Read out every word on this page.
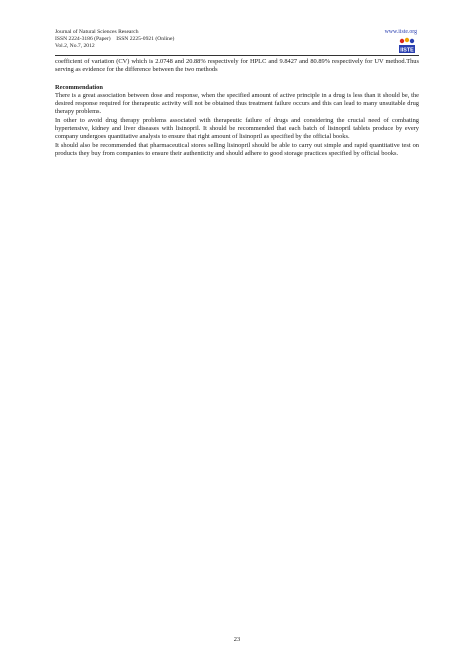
Journal of Natural Sciences Research
ISSN 2224-3186 (Paper)    ISSN 2225-0921 (Online)
Vol.2, No.7, 2012
www.iiste.org
IISTE

coefficient of variation (CV) which is 2.0748 and 20.88% respectively for HPLC and 9.8427 and 80.89% respectively for UV method.Thus serving as evidence for the difference between the two methods

Recommendation

There is a great association between dose and response, when the specified amount of active principle in a drug is less than it should be, the desired response required for therapeutic activity will not be obtained thus treatment failure occurs and this can lead to many unsuitable drug therapy problems.

In other to avoid drug therapy problems associated with therapeutic failure of drugs and considering the crucial need of combating hypertensive, kidney and liver diseases with lisinopril. It should be recommended that each batch of lisinopril tablets produce by every company undergoes quantitative analysis to ensure that right amount of lisinopril as specified by the official books.

It should also be recommended that pharmaceutical stores selling lisinopril should be able to carry out simple and rapid quantitative test on products they buy from companies to ensure their authenticity and should adhere to good storage practices specified by official books.

23
